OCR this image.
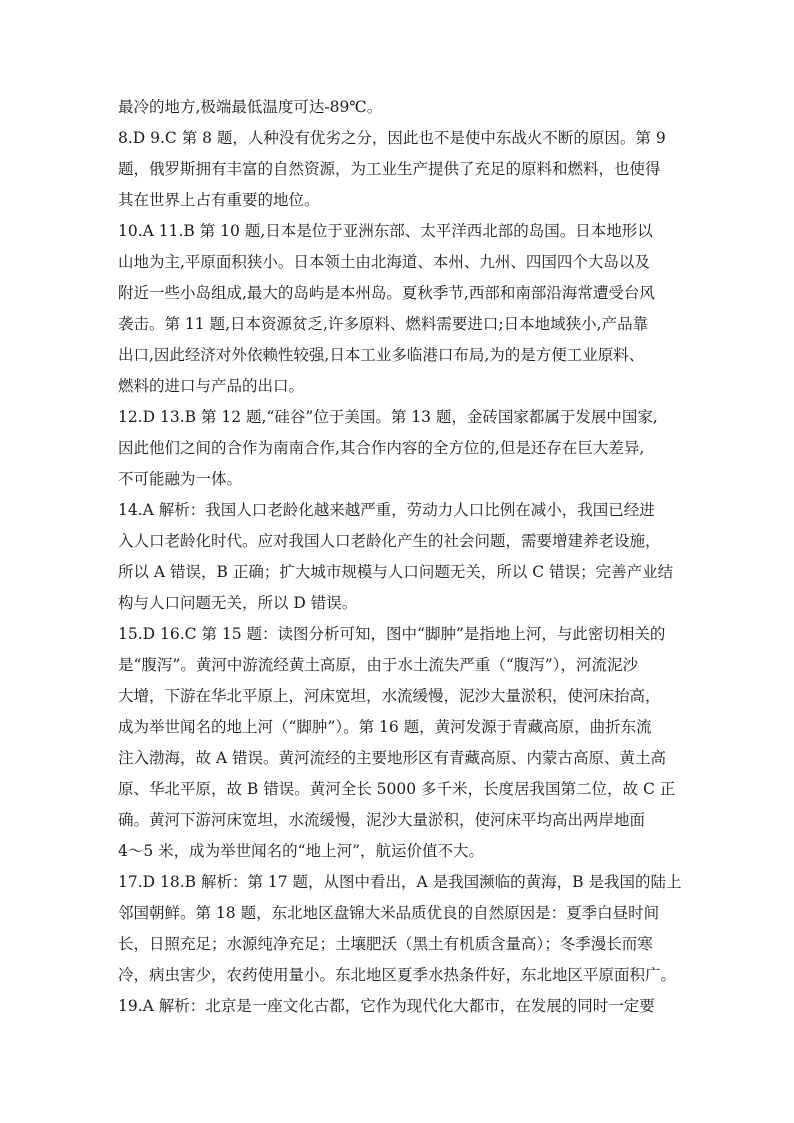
最冷的地方,极端最低温度可达-89℃。
8.D 9.C 第 8 题，人种没有优劣之分，因此也不是使中东战火不断的原因。第 9
题，俄罗斯拥有丰富的自然资源，为工业生产提供了充足的原料和燃料，也使得
其在世界上占有重要的地位。
10.A 11.B 第 10 题,日本是位于亚洲东部、太平洋西北部的岛国。日本地形以
山地为主,平原面积狭小。日本领土由北海道、本州、九州、四国四个大岛以及
附近一些小岛组成,最大的岛屿是本州岛。夏秋季节,西部和南部沿海常遭受台风
袭击。第 11 题,日本资源贫乏,许多原料、燃料需要进口;日本地域狭小,产品靠
出口,因此经济对外依赖性较强,日本工业多临港口布局,为的是方便工业原料、
燃料的进口与产品的出口。
12.D 13.B 第 12 题,“硅谷”位于美国。第 13 题，金砖国家都属于发展中国家,
因此他们之间的合作为南南合作,其合作内容的全方位的,但是还存在巨大差异,
不可能融为一体。
14.A 解析：我国人口老龄化越来越严重，劳动力人口比例在减小，我国已经进
入人口老龄化时代。应对我国人口老龄化产生的社会问题，需要增建养老设施，
所以 A 错误，B 正确；扩大城市规模与人口问题无关，所以 C 错误；完善产业结
构与人口问题无关，所以 D 错误。
15.D 16.C 第 15 题：读图分析可知，图中“脚肿”是指地上河，与此密切相关的
是“腹泻”。黄河中游流经黄土高原，由于水土流失严重（“腹泻”），河流泥沙
大增，下游在华北平原上，河床宽坦，水流缓慢，泥沙大量淤积，使河床抬高，
成为举世闻名的地上河（“脚肿”）。第 16 题，黄河发源于青藏高原，曲折东流
注入渤海，故 A 错误。黄河流经的主要地形区有青藏高原、内蒙古高原、黄土高
原、华北平原，故 B 错误。黄河全长 5000 多千米，长度居我国第二位，故 C 正
确。黄河下游河床宽坦，水流缓慢，泥沙大量淤积，使河床平均高出两岸地面
4～5 米，成为举世闻名的“地上河”，航运价值不大。
17.D 18.B 解析：第 17 题，从图中看出，A 是我国濒临的黄海，B 是我国的陆上
邻国朝鲜。第 18 题，东北地区盘锦大米品质优良的自然原因是：夏季白昼时间
长，日照充足；水源纯净充足；土壤肥沃（黑土有机质含量高）；冬季漫长而寒
冷，病虫害少，农药使用量小。东北地区夏季水热条件好，东北地区平原面积广。
19.A 解析：北京是一座文化古都，它作为现代化大都市，在发展的同时一定要
